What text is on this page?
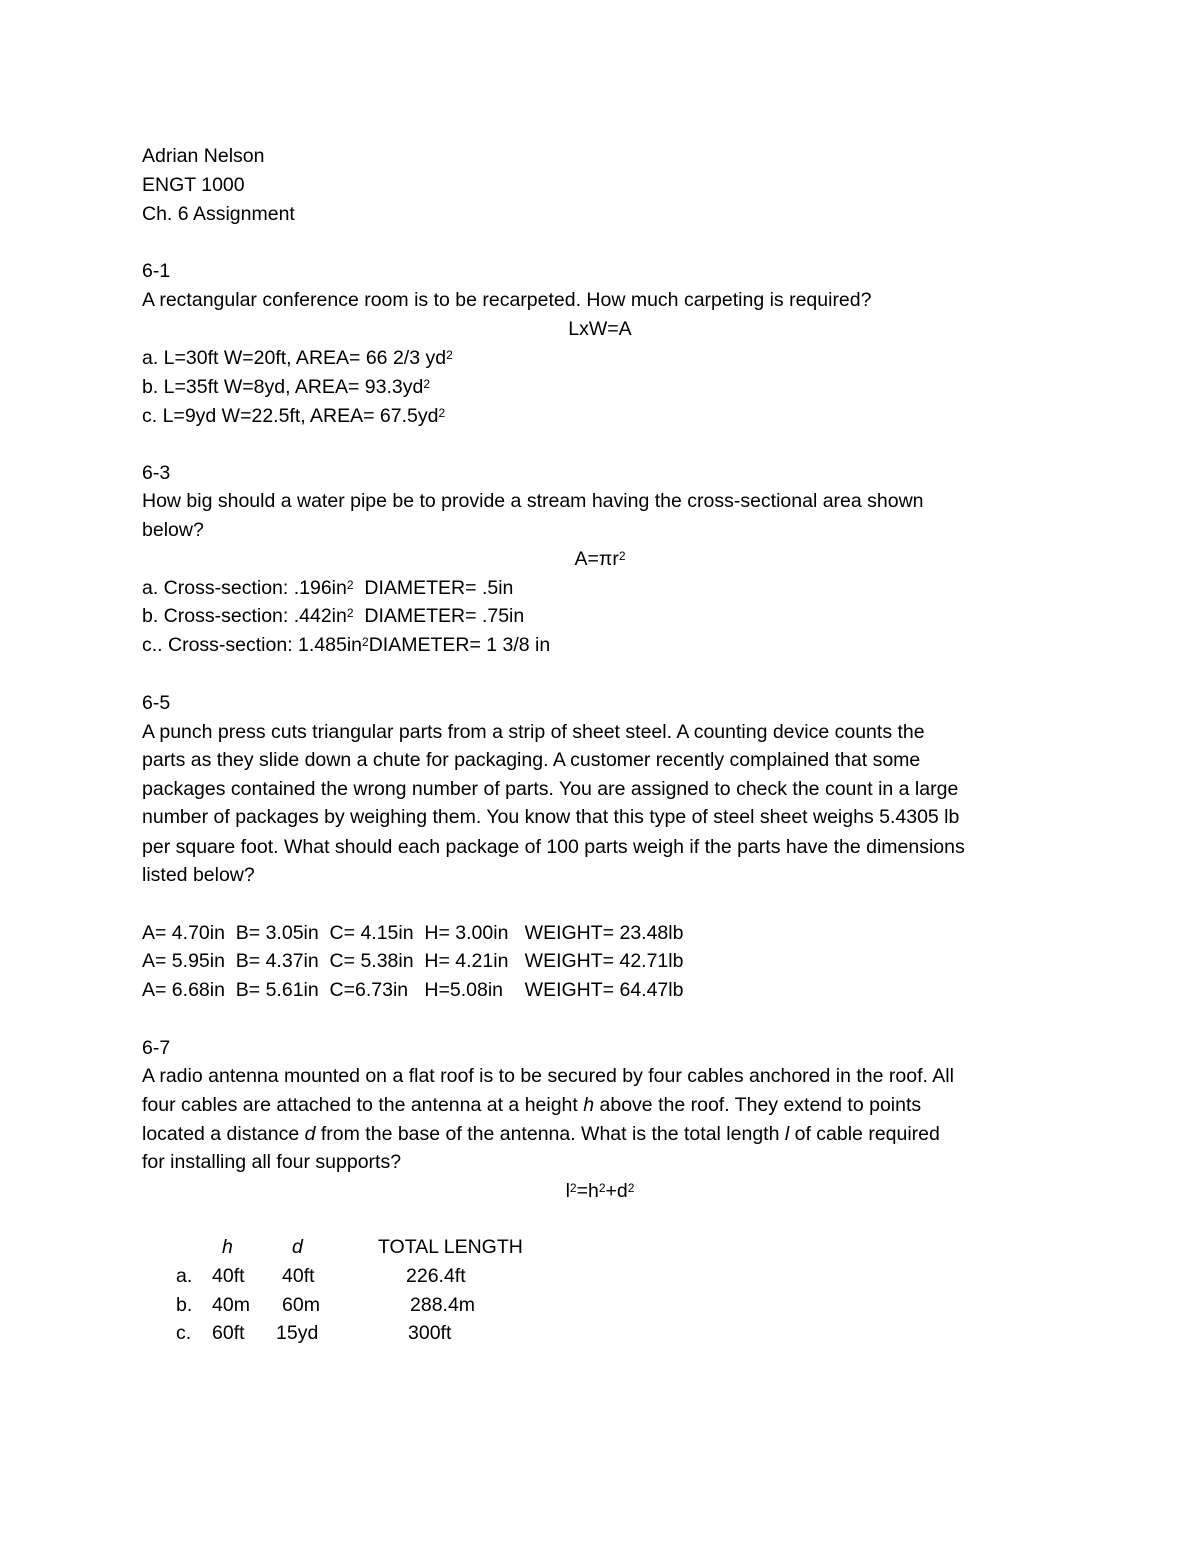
Adrian Nelson
ENGT 1000
Ch. 6 Assignment
6-1
A rectangular conference room is to be recarpeted. How much carpeting is required?
LxW=A
a. L=30ft W=20ft, AREA= 66 2/3 $yd^2$
b. L=35ft W=8yd, AREA= $93.3yd^2$
c. L=9yd W=22.5ft, AREA= $67.5yd^2$
6-3
How big should a water pipe be to provide a stream having the cross-sectional area shown
below?
$A=\pi r^2$
a. Cross-section: $.196in^2$  DIAMETER= .5in
b. Cross-section: $.442in^2$  DIAMETER= .75in
c.. Cross-section: $1.485in^2DIAMETER= 1$ 3/8 in
6-5
A punch press cuts triangular parts from a strip of sheet steel. A counting device counts the
parts as they slide down a chute for packaging. A customer recently complained that some
packages contained the wrong number of parts. You are assigned to check the count in a large
number of packages by weighing them. You know that this type of steel sheet weighs 5.4305 lb
per square foot. What should each package of 100 parts weigh if the parts have the dimensions
listed below?
A= 4.70in  B= 3.05in  C= 4.15in  H= 3.00in   WEIGHT= 23.48lb
A= 5.95in  B= 4.37in  C= 5.38in  H= 4.21in   WEIGHT= 42.71lb
A= 6.68in  B= 5.61in  C=6.73in   H=5.08in    WEIGHT= 64.47lb
6-7
A radio antenna mounted on a flat roof is to be secured by four cables anchored in the roof. All
four cables are attached to the antenna at a height h above the roof. They extend to points
located a distance d from the base of the antenna. What is the total length l of cable required
for installing all four supports?
$l^2=h^2+d^2$
h	d	TOTAL LENGTH
a. 40ft 40ft	226.4ft
b. 40m 60m	288.4m
c. 60ft 15yd	300ft
